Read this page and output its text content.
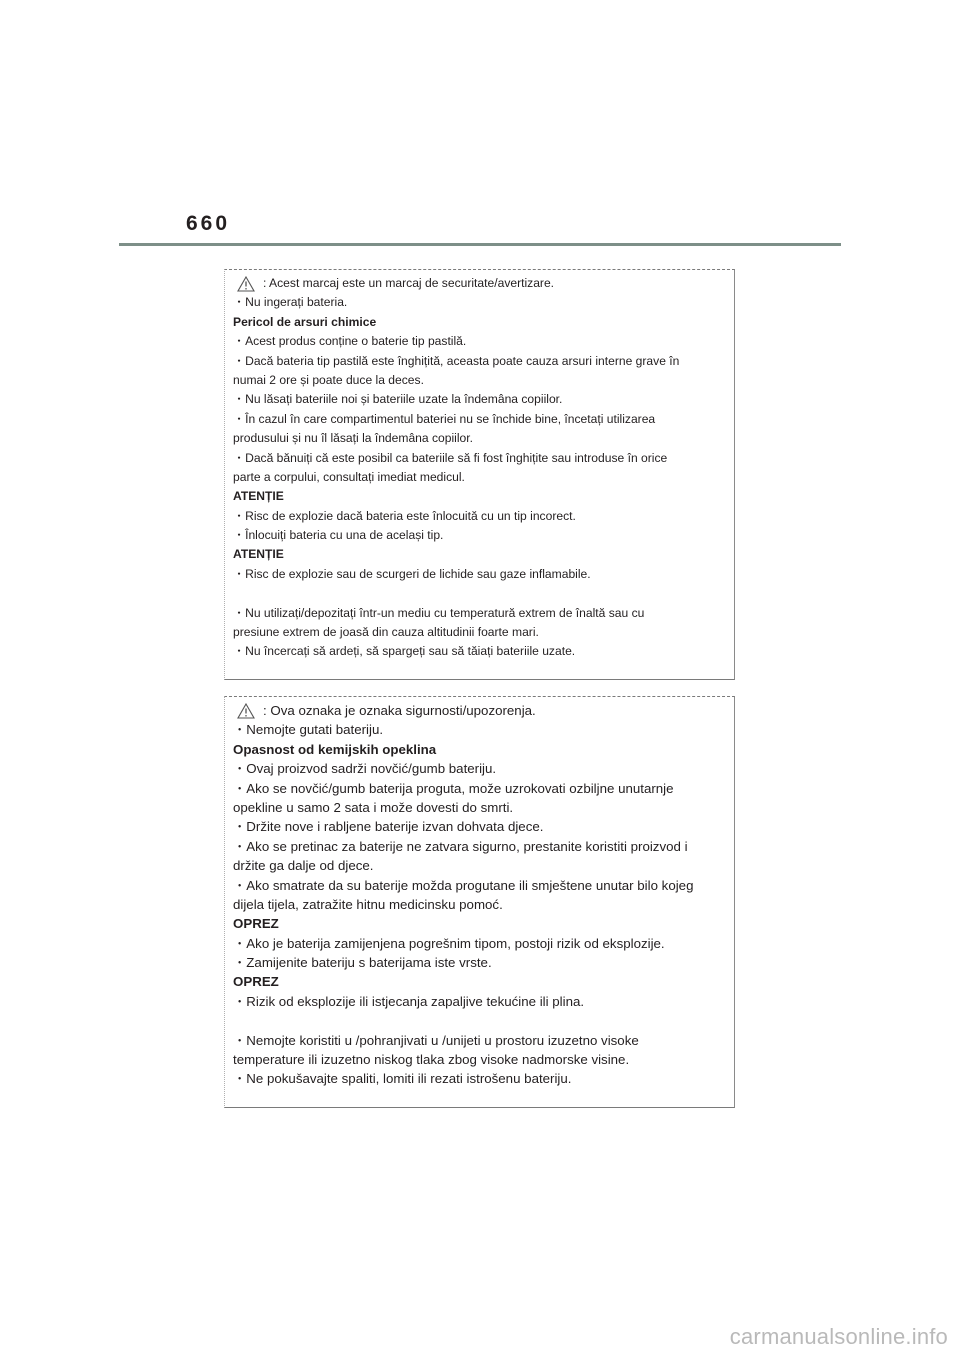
660
: Acest marcaj este un marcaj de securitate/avertizare.
・Nu ingerați bateria.
Pericol de arsuri chimice
・Acest produs conține o baterie tip pastilă.
・Dacă bateria tip pastilă este înghițită, aceasta poate cauza arsuri interne grave în
numai 2 ore și poate duce la deces.
・Nu lăsați bateriile noi și bateriile uzate la îndemâna copiilor.
・În cazul în care compartimentul bateriei nu se închide bine, încetați utilizarea
produsului și nu îl lăsați la îndemâna copiilor.
・Dacă bănuiți că este posibil ca bateriile să fi fost înghițite sau introduse în orice
parte a corpului, consultați imediat medicul.
ATENȚIE
・Risc de explozie dacă bateria este înlocuită cu un tip incorect.
・Înlocuiți bateria cu una de același tip.
ATENȚIE
・Risc de explozie sau de scurgeri de lichide sau gaze inflamabile.
・Nu utilizați/depozitați într-un mediu cu temperatură extrem de înaltă sau cu
presiune extrem de joasă din cauza altitudinii foarte mari.
・Nu încercați să ardeți, să spargeți sau să tăiați bateriile uzate.
: Ova oznaka je oznaka sigurnosti/upozorenja.
・Nemojte gutati bateriju.
Opasnost od kemijskih opeklina
・Ovaj proizvod sadrži novčić/gumb bateriju.
・Ako se novčić/gumb baterija proguta, može uzrokovati ozbiljne unutarnje
opekline u samo 2 sata i može dovesti do smrti.
・Držite nove i rabljene baterije izvan dohvata djece.
・Ako se pretinac za baterije ne zatvara sigurno, prestanite koristiti proizvod i
držite ga dalje od djece.
・Ako smatrate da su baterije možda progutane ili smještene unutar bilo kojeg
dijela tijela, zatražite hitnu medicinsku pomoć.
OPREZ
・Ako je baterija zamijenjena pogrešnim tipom, postoji rizik od eksplozije.
・Zamijenite bateriju s baterijama iste vrste.
OPREZ
・Rizik od eksplozije ili istjecanja zapaljive tekućine ili plina.
・Nemojte koristiti u /pohranjivati u /unijeti u prostoru izuzetno visoke
temperature ili izuzetno niskog tlaka zbog visoke nadmorske visine.
・Ne pokušavajte spaliti, lomiti ili rezati istrošenu bateriju.
carmanualsonline.info
